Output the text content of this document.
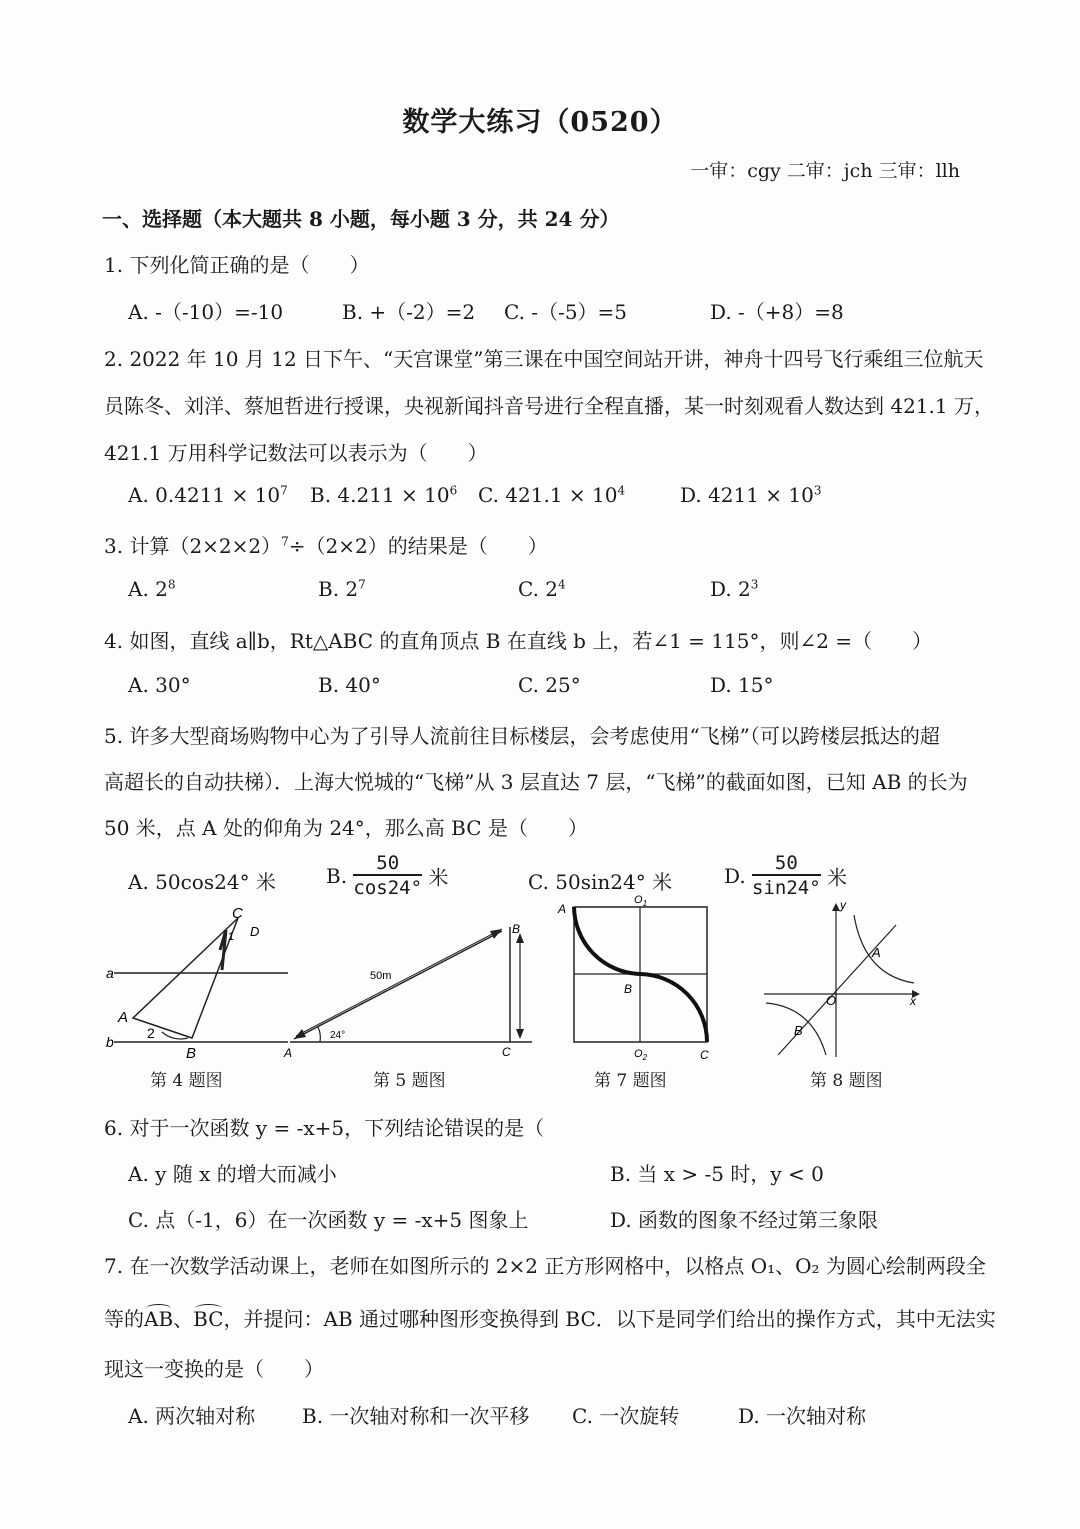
数学大练习（0520）
一审：cgy 二审：jch 三审：llh
一、选择题（本大题共 8 小题，每小题 3 分，共 24 分）
1. 下列化简正确的是（　　）
A. -（-10）=-10	B. +（-2）=2 C. -（-5）=5	D. -（+8）=8
2. 2022 年 10 月 12 日下午、“天宫课堂”第三课在中国空间站开讲，神舟十四号飞行乘组三位航天
员陈冬、刘洋、蔡旭哲进行授课，央视新闻抖音号进行全程直播，某一时刻观看人数达到 421.1 万，
421.1 万用科学记数法可以表示为（　　）
A. $0.4211 \times 10^7$ B. $4.211 \times 10^6$ C. $421.1 \times 10^4$	D. $4211 \times 10^3$
3. 计算$(2\times 2\times 2)^7\div(2\times 2)$的结果是（　　）
A. $2^8$	B. $2^7$	C. $2^4$	D. $2^3$
4. 如图，直线 a∥b，Rt△ABC 的直角顶点 B 在直线 b 上，若∠1 = 115°，则∠2 =（　　）
A. 30°	B. 40°	C. 25°	D. 15°
5. 许多大型商场购物中心为了引导人流前往目标楼层，会考虑使用“飞梯”（可以跨楼层抵达的超
高超长的自动扶梯）．上海大悦城的“飞梯”从 3 层直达 7 层，“飞梯”的截面如图，已知 AB 的长为
50 米，点 A 处的仰角为 24°，那么高 BC 是（　　）
A. 50cos24° 米	B. $\frac{50}{\cos 24^\circ}$ 米	C. 50sin24° 米	D. $\frac{50}{\sin 24^\circ}$ 米
a
b
A
B
C
D
1
2
第 4 题图
A
B
C
50m
24°
第 5 题图
A
B
C
$O_1$
$O_2$
第 7 题图
y
x
O
A
B
第 8 题图
6. 对于一次函数 y = -x+5，下列结论错误的是（
A. y 随 x 的增大而减小	B. 当 x > -5 时，y < 0
C. 点（-1，6）在一次函数 y = -x+5 图象上	D. 函数的图象不经过第三象限
7. 在一次数学活动课上，老师在如图所示的 2×2 正方形网格中，以格点 O₁、O₂ 为圆心绘制两段全
等的AB、BC，并提问：AB 通过哪种图形变换得到 BC．以下是同学们给出的操作方式，其中无法实
现这一变换的是（　　）
A. 两次轴对称 B. 一次轴对称和一次平移 C. 一次旋转	D. 一次轴对称
